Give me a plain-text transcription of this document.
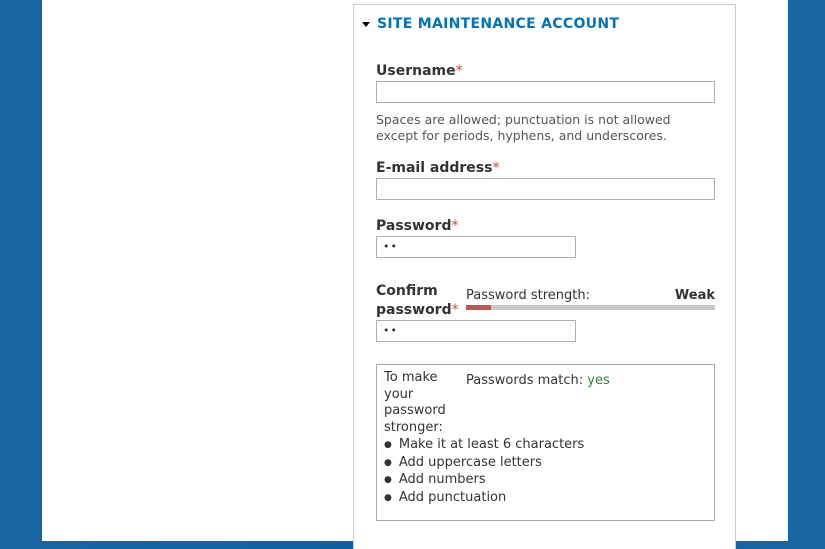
SITE MAINTENANCE ACCOUNT
Username*
Spaces are allowed; punctuation is not allowed except for periods, hyphens, and underscores.
E-mail address*
Password*
••
Confirm
password*
••
Password strength:	Weak
To make
your
password stronger:
Passwords match: yes
● Make it at least 6 characters
● Add uppercase letters
● Add numbers
● Add punctuation
